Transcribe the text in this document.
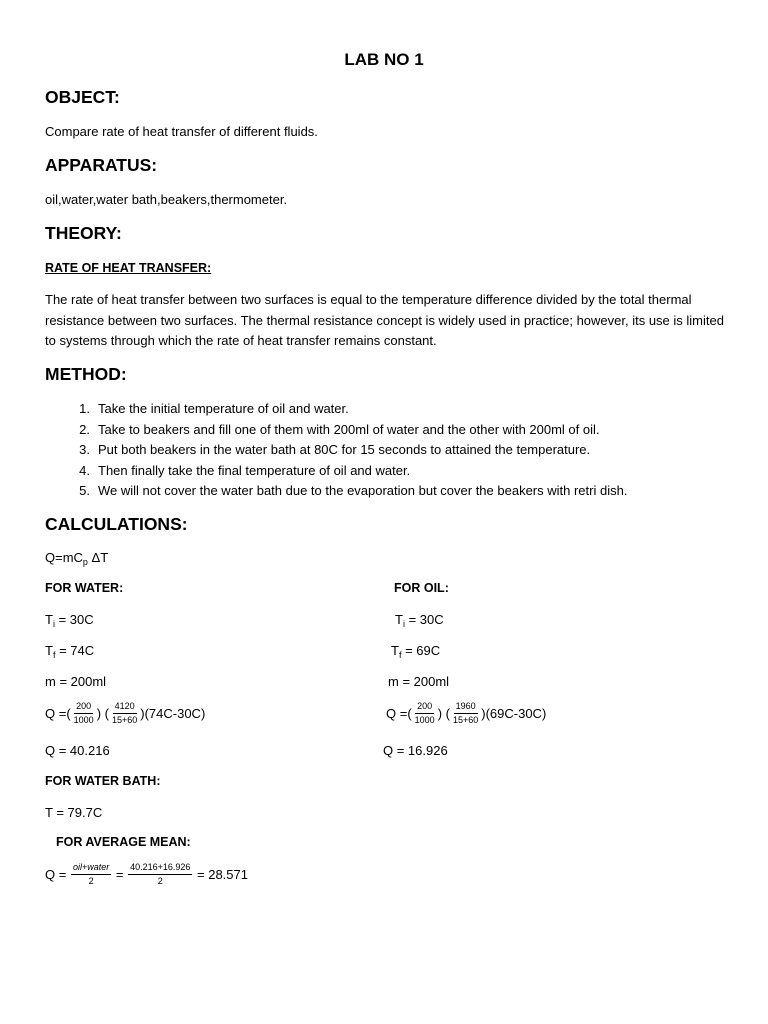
LAB NO 1
OBJECT:
Compare rate of heat transfer of different fluids.
APPARATUS:
oil,water,water bath,beakers,thermometer.
THEORY:
RATE OF HEAT TRANSFER:
The rate of heat transfer between two surfaces is equal to the temperature difference divided by the total thermal resistance between two surfaces. The thermal resistance concept is widely used in practice; however, its use is limited to systems through which the rate of heat transfer remains constant.
METHOD:
1. Take the initial temperature of oil and water.
2. Take to beakers and fill one of them with 200ml of water and the other with 200ml of oil.
3. Put both beakers in the water bath at 80C for 15 seconds to attained the temperature.
4. Then finally take the final temperature of oil and water.
5. We will not cover the water bath due to the evaporation but cover the beakers with retri dish.
CALCULATIONS:
$Q=mC_p$ ΔT
FOR WATER:
$T_i = 30C$
$T_f = 74C$
m = 200ml
Q =( $\frac{200}{1000}$ ) ( $\frac{4120}{15+60}$ ) (74C-30C)
Q = 40.216
FOR OIL:
$T_i = 30C$
$T_f = 69C$
m = 200ml
Q =( $\frac{200}{1000}$ ) ( $\frac{1960}{15+60}$ ) (69C-30C)
Q = 16.926
FOR WATER BATH:
T = 79.7C
FOR AVERAGE MEAN:
Q =
$\frac{\text{oil+water}}{2}$
=
$\frac{40.216+16.926}{2}$
= 28.571
